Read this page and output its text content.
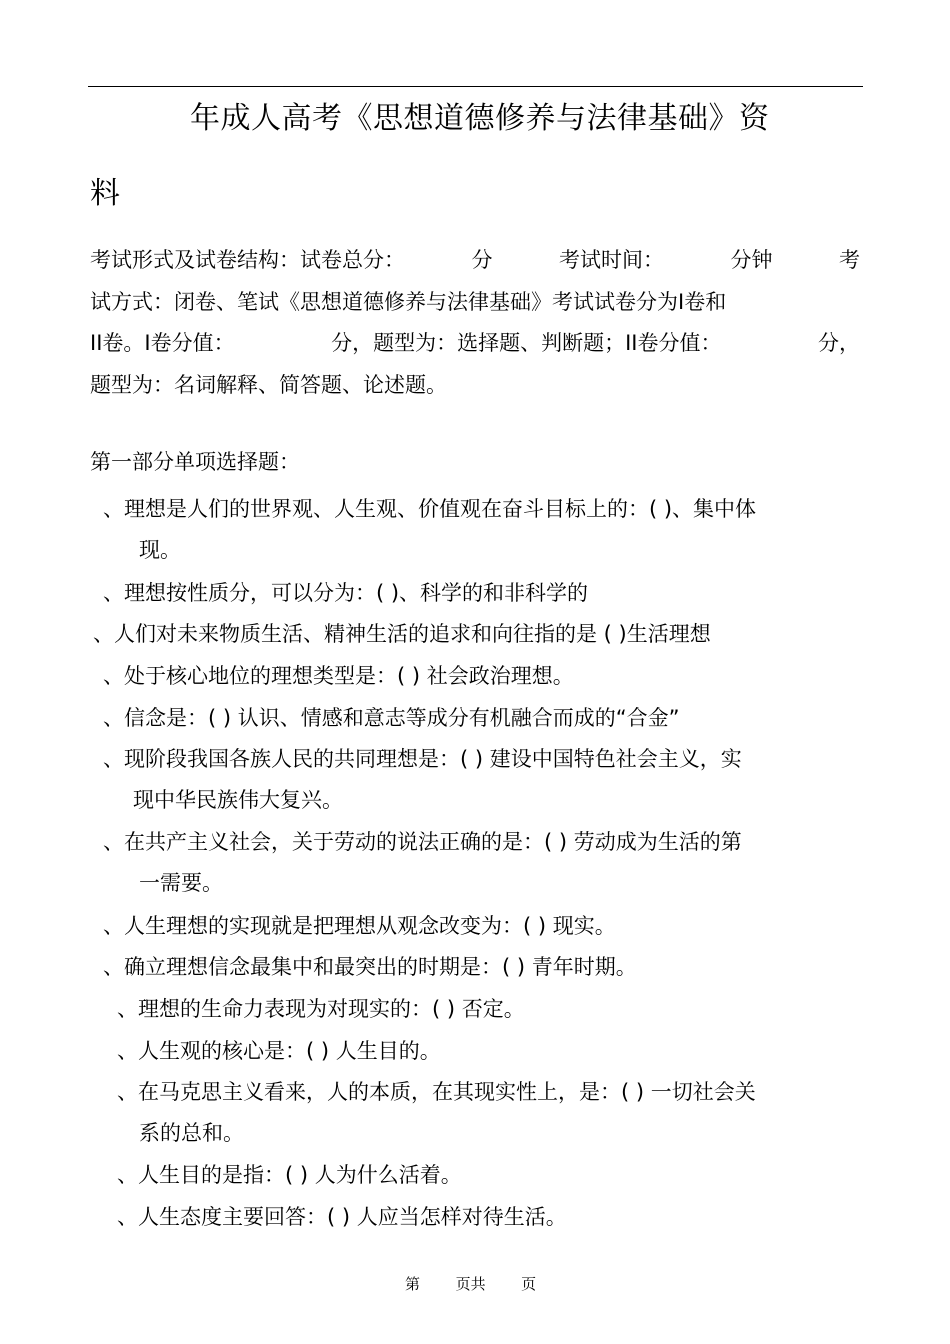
年成人高考《思想道德修养与法律基础》资
料
考试形式及试卷结构：试卷总分：	分	考试时间：	分钟	考
试方式：闭卷、笔试《思想道德修养与法律基础》考试试卷分为I卷和
II卷。I卷分值：	分，题型为：选择题、判断题；II卷分值：	分，
题型为：名词解释、简答题、论述题。
第一部分单项选择题：
、理想是人们的世界观、人生观、价值观在奋斗目标上的：( )、集中体
现。
、理想按性质分，可以分为：( )、科学的和非科学的
、人们对未来物质生活、精神生活的追求和向往指的是 ( )生活理想
、处于核心地位的理想类型是：( ) 社会政治理想。
、信念是：( ) 认识、情感和意志等成分有机融合而成的“合金”
、现阶段我国各族人民的共同理想是：( ) 建设中国特色社会主义，实
现中华民族伟大复兴。
、在共产主义社会，关于劳动的说法正确的是：( ) 劳动成为生活的第
一需要。
、人生理想的实现就是把理想从观念改变为：( ) 现实。
、确立理想信念最集中和最突出的时期是：( ) 青年时期。
、理想的生命力表现为对现实的：( ) 否定。
、人生观的核心是：( ) 人生目的。
、在马克思主义看来，人的本质，在其现实性上，是：( ) 一切社会关
系的总和。
、人生目的是指：( ) 人为什么活着。
、人生态度主要回答：( ) 人应当怎样对待生活。
第 页共 页
